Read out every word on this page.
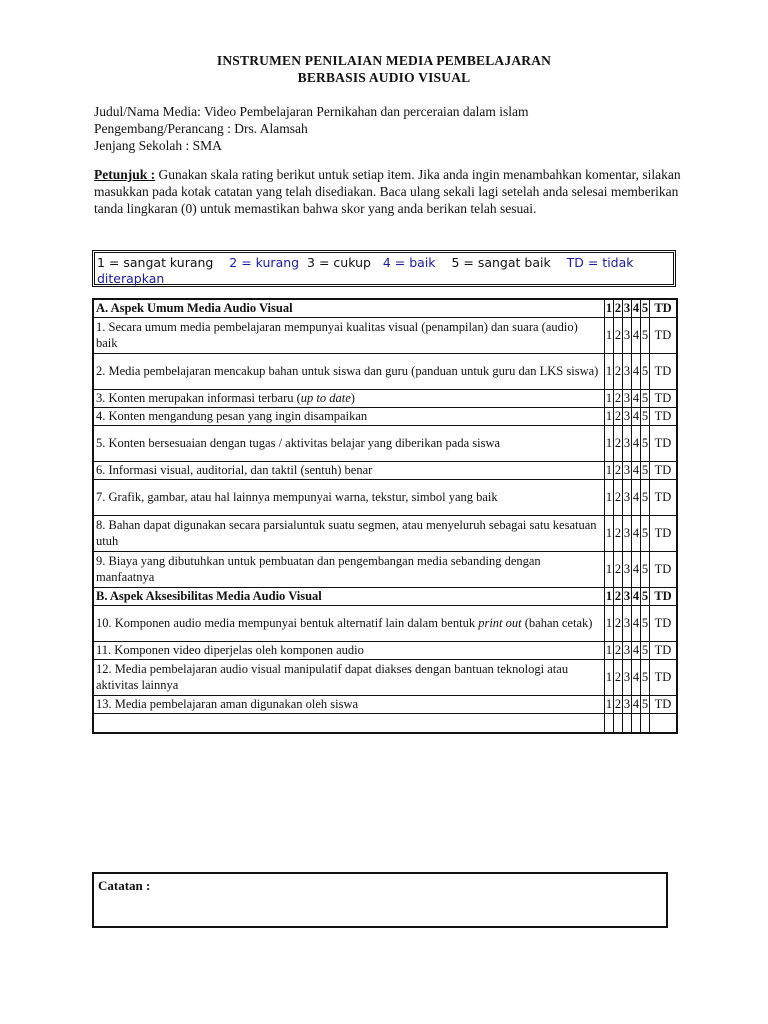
INSTRUMEN PENILAIAN MEDIA PEMBELAJARAN
BERBASIS AUDIO VISUAL
Judul/Nama Media: Video Pembelajaran Pernikahan dan perceraian dalam islam
Pengembang/Perancang : Drs. Alamsah
Jenjang Sekolah : SMA
Petunjuk : Gunakan skala rating berikut untuk setiap item. Jika anda ingin menambahkan komentar, silakan masukkan pada kotak catatan yang telah disediakan. Baca ulang sekali lagi setelah anda selesai memberikan tanda lingkaran (0) untuk memastikan bahwa skor yang anda berikan telah sesuai.
1 = sangat kurang 2 = kurang 3 = cukup 4 = baik 5 = sangat baik TD = tidak diterapkan
A. Aspek Umum Media Audio Visual	1	2	3	4	5	TD
1. Secara umum media pembelajaran mempunyai kualitas visual (penampilan) dan suara (audio) baik	1	2	3	4	5	TD
2. Media pembelajaran mencakup bahan untuk siswa dan guru (panduan untuk guru dan LKS siswa)	1	2	3	4	5	TD
3. Konten merupakan informasi terbaru (up to date)	1	2	3	4	5	TD
4. Konten mengandung pesan yang ingin disampaikan	1	2	3	4	5	TD
5. Konten bersesuaian dengan tugas / aktivitas belajar yang diberikan pada siswa	1	2	3	4	5	TD
6. Informasi visual, auditorial, dan taktil (sentuh) benar	1	2	3	4	5	TD
7. Grafik, gambar, atau hal lainnya mempunyai warna, tekstur, simbol yang baik	1	2	3	4	5	TD
8. Bahan dapat digunakan secara parsialuntuk suatu segmen, atau menyeluruh sebagai satu kesatuan utuh	1	2	3	4	5	TD
9. Biaya yang dibutuhkan untuk pembuatan dan pengembangan media sebanding dengan manfaatnya	1	2	3	4	5	TD
B. Aspek Aksesibilitas Media Audio Visual	1	2	3	4	5	TD
10. Komponen audio media mempunyai bentuk alternatif lain dalam bentuk print out (bahan cetak)	1	2	3	4	5	TD
11. Komponen video diperjelas oleh komponen audio	1	2	3	4	5	TD
12. Media pembelajaran audio visual manipulatif dapat diakses dengan bantuan teknologi atau aktivitas lainnya	1	2	3	4	5	TD
13. Media pembelajaran aman digunakan oleh siswa	1	2	3	4	5	TD

Catatan :
